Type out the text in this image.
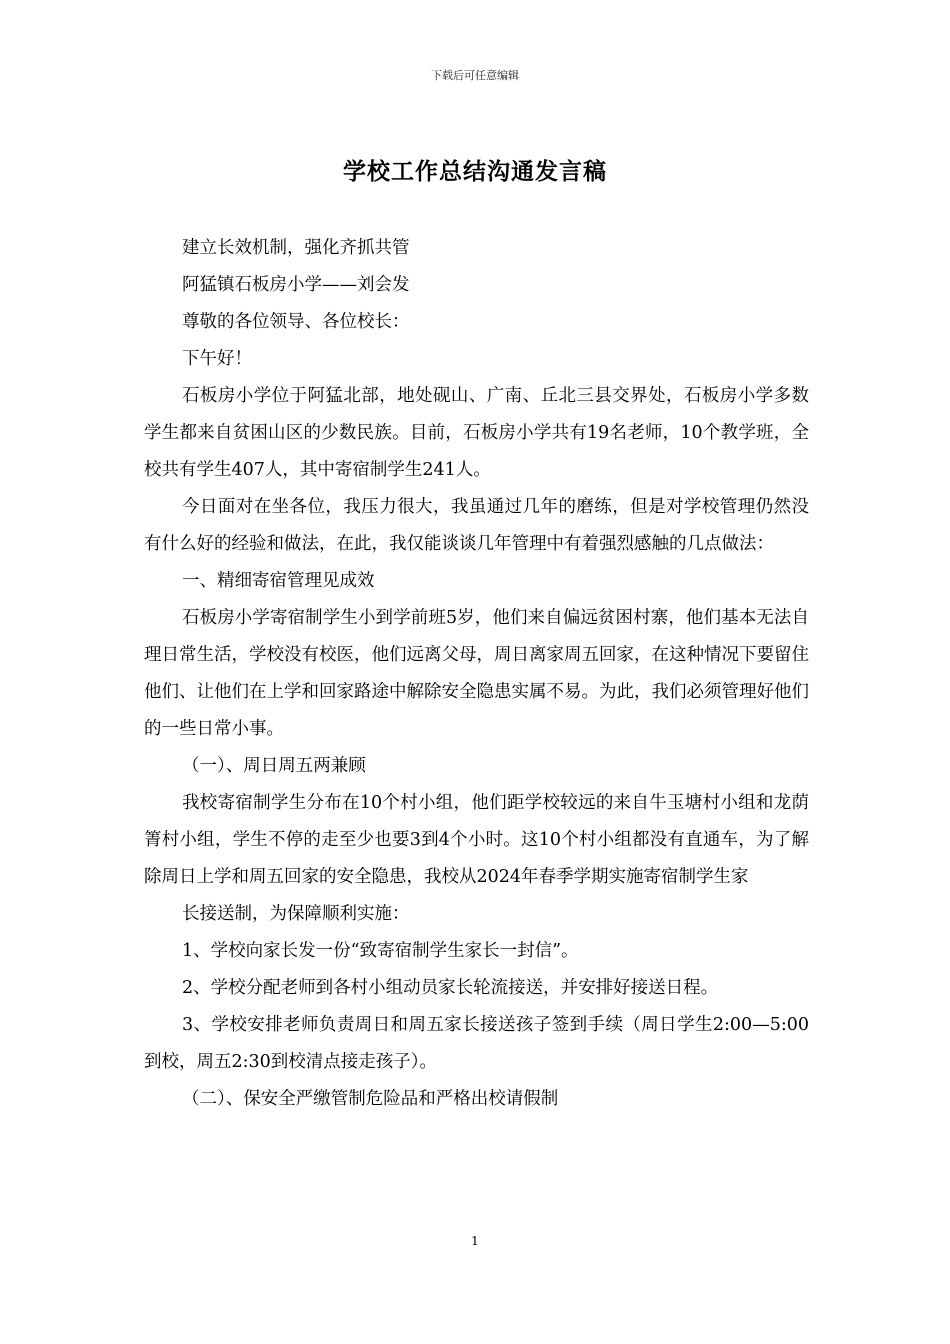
下载后可任意编辑
学校工作总结沟通发言稿

建立长效机制，强化齐抓共管

阿猛镇石板房小学——刘会发

尊敬的各位领导、各位校长：

下午好！

石板房小学位于阿猛北部，地处砚山、广南、丘北三县交界处，石板房小学多数学生都来自贫困山区的少数民族。目前，石板房小学共有19名老师，10个教学班，全校共有学生407人，其中寄宿制学生241人。

今日面对在坐各位，我压力很大，我虽通过几年的磨练，但是对学校管理仍然没有什么好的经验和做法，在此，我仅能谈谈几年管理中有着强烈感触的几点做法：

一、精细寄宿管理见成效

石板房小学寄宿制学生小到学前班5岁，他们来自偏远贫困村寨，他们基本无法自理日常生活，学校没有校医，他们远离父母，周日离家周五回家，在这种情况下要留住他们、让他们在上学和回家路途中解除安全隐患实属不易。为此，我们必须管理好他们的一些日常小事。

（一）、周日周五两兼顾

我校寄宿制学生分布在10个村小组，他们距学校较远的来自牛玉塘村小组和龙荫箐村小组，学生不停的走至少也要3到4个小时。这10个村小组都没有直通车，为了解除周日上学和周五回家的安全隐患，我校从2024年春季学期实施寄宿制学生家

长接送制，为保障顺利实施：

1、学校向家长发一份“致寄宿制学生家长一封信”。

2、学校分配老师到各村小组动员家长轮流接送，并安排好接送日程。

3、学校安排老师负责周日和周五家长接送孩子签到手续（周日学生2:00—5:00到校，周五2:30到校清点接走孩子）。

（二）、保安全严缴管制危险品和严格出校请假制

1
